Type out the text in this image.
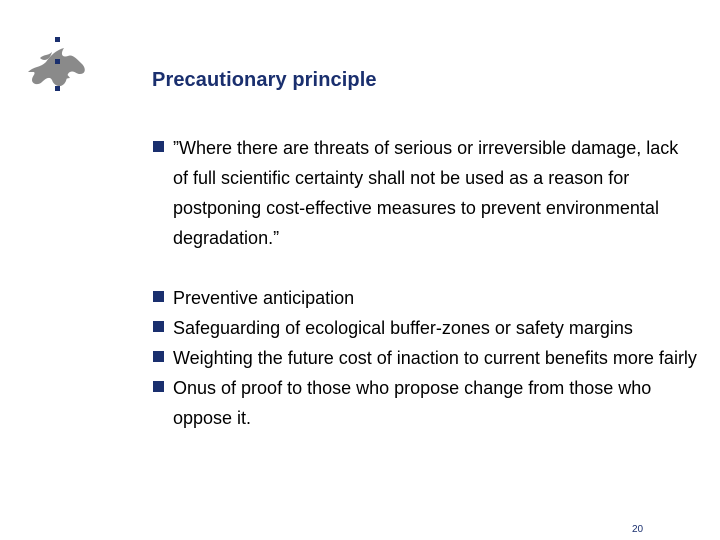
Precautionary principle
”Where there are threats of serious or irreversible damage, lack of full scientific certainty shall not be used as a reason for postponing cost-effective measures to prevent environmental degradation.”
Preventive anticipation
Safeguarding of ecological buffer-zones or safety margins
Weighting the future cost of inaction to current benefits more fairly
Onus of proof to those who propose change from those who oppose it.
20
